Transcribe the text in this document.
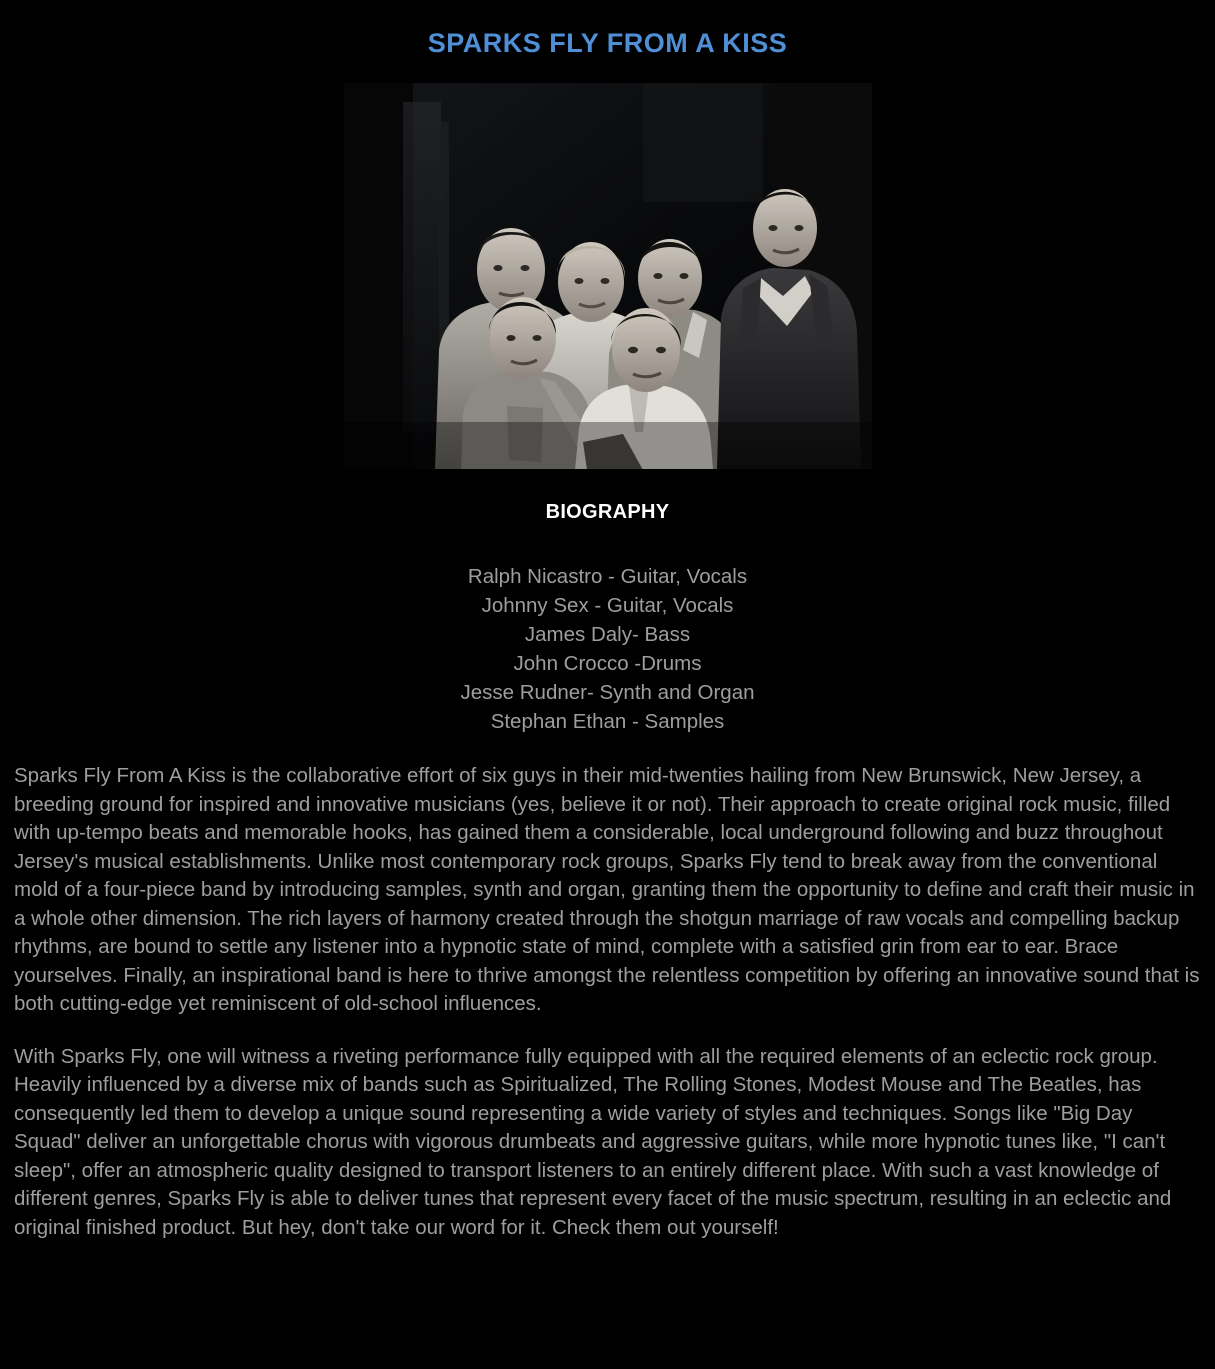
SPARKS FLY FROM A KISS
BIOGRAPHY
Ralph Nicastro - Guitar, Vocals
Johnny Sex - Guitar, Vocals
James Daly- Bass
John Crocco -Drums
Jesse Rudner- Synth and Organ
Stephan Ethan - Samples

Sparks Fly From A Kiss is the collaborative effort of six guys in their mid-twenties hailing from New Brunswick, New Jersey, a breeding ground for inspired and innovative musicians (yes, believe it or not). Their approach to create original rock music, filled with up-tempo beats and memorable hooks, has gained them a considerable, local underground following and buzz throughout Jersey's musical establishments. Unlike most contemporary rock groups, Sparks Fly tend to break away from the conventional mold of a four-piece band by introducing samples, synth and organ, granting them the opportunity to define and craft their music in a whole other dimension. The rich layers of harmony created through the shotgun marriage of raw vocals and compelling backup rhythms, are bound to settle any listener into a hypnotic state of mind, complete with a satisfied grin from ear to ear. Brace yourselves. Finally, an inspirational band is here to thrive amongst the relentless competition by offering an innovative sound that is both cutting-edge yet reminiscent of old-school influences.

With Sparks Fly, one will witness a riveting performance fully equipped with all the required elements of an eclectic rock group. Heavily influenced by a diverse mix of bands such as Spiritualized, The Rolling Stones, Modest Mouse and The Beatles, has consequently led them to develop a unique sound representing a wide variety of styles and techniques. Songs like "Big Day Squad" deliver an unforgettable chorus with vigorous drumbeats and aggressive guitars, while more hypnotic tunes like, "I can't sleep", offer an atmospheric quality designed to transport listeners to an entirely different place. With such a vast knowledge of different genres, Sparks Fly is able to deliver tunes that represent every facet of the music spectrum, resulting in an eclectic and original finished product. But hey, don't take our word for it. Check them out yourself!
